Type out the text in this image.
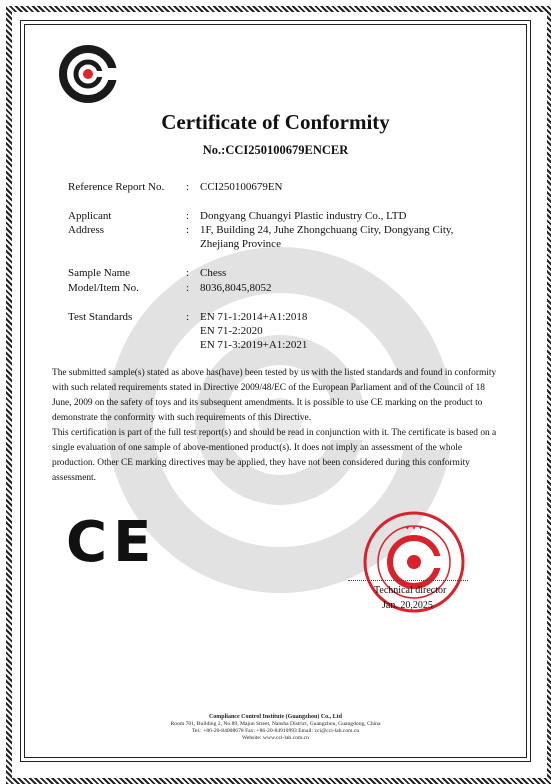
Certificate of Conformity
No.:CCI250100679ENCER
Reference Report No.	: CCI250100679EN
Applicant	: Dongyang Chuangyi Plastic industry Co., LTD
Address	: 1F, Building 24, Juhe Zhongchuang City, Dongyang City,
Zhejiang Province
Sample Name	: Chess
Model/Item No.	: 8036,8045,8052
Test Standards	: EN 71-1:2014+A1:2018
EN 71-2:2020
EN 71-3:2019+A1:2021

The submitted sample(s) stated as above has(have) been tested by us with the listed standards and found in conformity with such related requirements stated in Directive 2009/48/EC of the European Parliament and of the Council of 18 June, 2009 on the safety of toys and its subsequent amendments. It is possible to use CE marking on the product to demonstrate the conformity with such requirements of this Directive.

This certification is part of the full test report(s) and should be read in conjunction with it. The certificate is based on a single evaluation of one sample of above-mentioned product(s). It does not imply an assessment of the whole production. Other CE marking directives may be applied, they have not been considered during this conformity assessment.

CE	✦ ✦ ✦
Technical director
Jan. 20,2025
Compliance Control Institute (Guangzhou) Co., Ltd
Room 701, Building 2, No.89, Majun Street, Nansha District, Guangzhou, Guangdong, China
Tel.: +86-20-84008678 Fax: +86-20-84910993 Email: cci@cci-lab.com.cn
Website: www.cci-lab.com.cn
